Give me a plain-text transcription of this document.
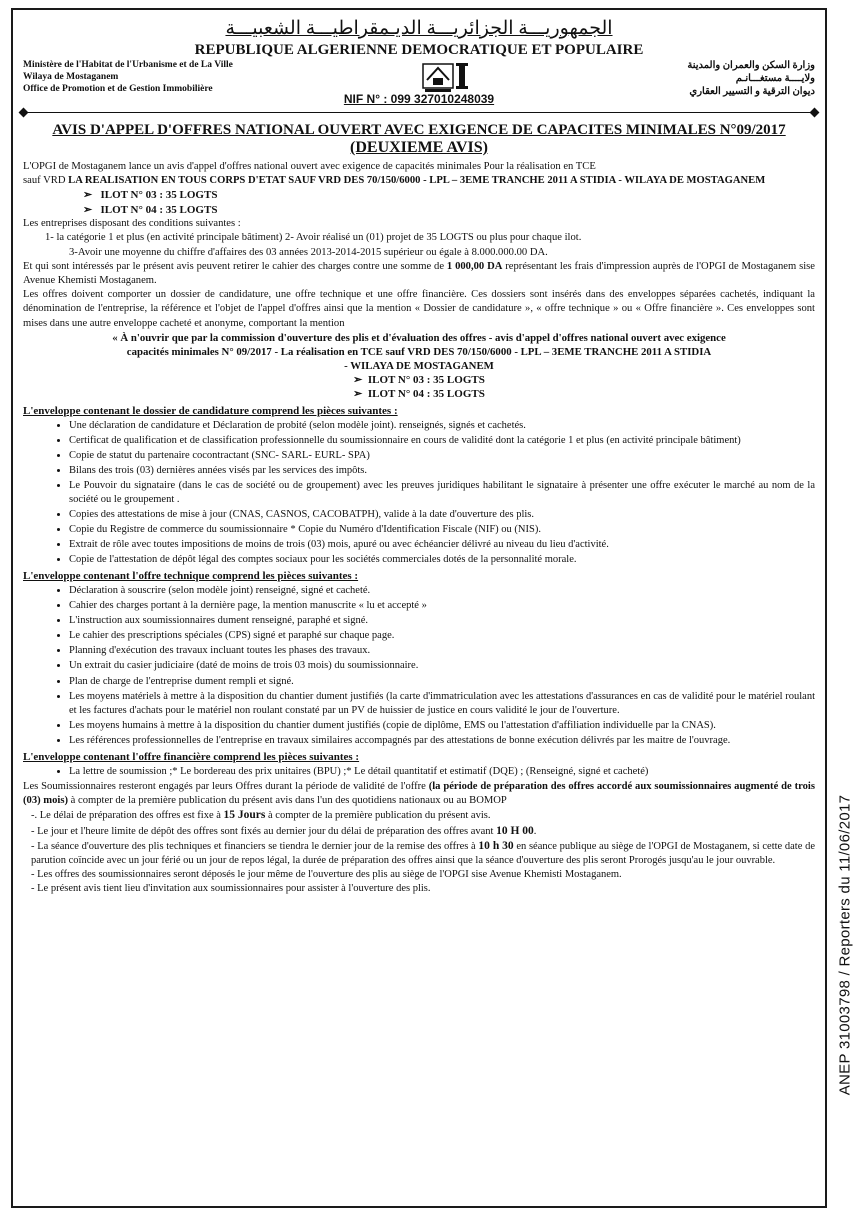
الجمهوريـــة الجزائريـــة الديـمقراطيـــة الشعبيـــة
REPUBLIQUE ALGERIENNE DEMOCRATIQUE ET POPULAIRE
Ministère de l'Habitat de l'Urbanisme et de La Ville
Wilaya de Mostaganem
Office de Promotion et de Gestion Immobilière
وزارة السكن والعمران والمدينة
ولايــــة مستغـــانـم
ديوان الترقية و التسيير العقاري
NIF N° : 099 327010248039
AVIS D'APPEL D'OFFRES NATIONAL OUVERT AVEC EXIGENCE DE CAPACITES MINIMALES N°09/2017
(DEUXIEME AVIS)

L'OPGI de Mostaganem lance un avis d'appel d'offres national ouvert avec exigence de capacités minimales Pour la réalisation en TCE

sauf VRD LA REALISATION EN TOUS CORPS D'ETAT SAUF VRD DES 70/150/6000 - LPL – 3EME TRANCHE 2011 A STIDIA - WILAYA DE MOSTAGANEM

➢   ILOT N° 03 : 35 LOGTS
➢   ILOT N° 04 : 35 LOGTS

Les entreprises disposant des conditions suivantes :

1- la catégorie 1 et plus (en activité principale bâtiment) 2- Avoir réalisé un (01) projet de 35 LOGTS ou plus pour chaque ilot.
3-Avoir une moyenne du chiffre d'affaires des 03 années 2013-2014-2015 supérieur ou égale à 8.000.000.00 DA.

Et qui sont intéressés par le présent avis peuvent retirer le cahier des charges contre une somme de 1 000,00 DA représentant les frais d'impression auprès de l'OPGI de Mostaganem sise Avenue Khemisti Mostaganem.

Les offres doivent comporter un dossier de candidature, une offre technique et une offre financière. Ces dossiers sont insérés dans des enveloppes séparées cachetés, indiquant la dénomination de l'entreprise, la référence et l'objet de l'appel d'offres ainsi que la mention « Dossier de candidature », « offre technique » ou « Offre financière ». Ces enveloppes sont mises dans une autre enveloppe cacheté et anonyme, comportant la mention

« À n'ouvrir que par la commission d'ouverture des plis et d'évaluation des offres - avis d'appel d'offres national ouvert avec exigence
capacités minimales N° 09/2017 - La réalisation en TCE sauf VRD DES 70/150/6000 - LPL – 3EME TRANCHE 2011 A STIDIA
- WILAYA DE MOSTAGANEM
➢  ILOT N° 03 : 35 LOGTS
➢  ILOT N° 04 : 35 LOGTS
L'enveloppe contenant le dossier de candidature comprend les pièces suivantes :
• Une déclaration de candidature et Déclaration de probité (selon modèle joint). renseignés, signés et cachetés.
• Certificat de qualification et de classification professionnelle du soumissionnaire en cours de validité dont la catégorie 1 et plus (en activité principale bâtiment)
• Copie de statut du partenaire cocontractant (SNC- SARL- EURL- SPA)
• Bilans des trois (03) dernières années visés par les services des impôts.
• Le Pouvoir du signataire (dans le cas de société ou de groupement) avec les preuves juridiques habilitant le signataire à présenter une offre exécuter le marché au nom de la société ou le groupement .
• Copies des attestations de mise à jour (CNAS, CASNOS, CACOBATPH), valide à la date d'ouverture des plis.
• Copie du Registre de commerce du soumissionnaire * Copie du Numéro d'Identification Fiscale (NIF) ou (NIS).
• Extrait de rôle avec toutes impositions de moins de trois (03) mois, apuré ou avec échéancier délivré au niveau du lieu d'activité.
• Copie de l'attestation de dépôt légal des comptes sociaux pour les sociétés commerciales dotés de la personnalité morale.
L'enveloppe contenant l'offre technique comprend les pièces suivantes :
• Déclaration à souscrire (selon modèle joint) renseigné, signé et cacheté.
• Cahier des charges portant à la dernière page, la mention manuscrite « lu et accepté »
• L'instruction aux soumissionnaires dument renseigné, paraphé et signé.
• Le cahier des prescriptions spéciales (CPS) signé et paraphé sur chaque page.
• Planning d'exécution des travaux incluant toutes les phases des travaux.
• Un extrait du casier judiciaire (daté de moins de trois 03 mois) du soumissionnaire.
• Plan de charge de l'entreprise dument rempli et signé.
• Les moyens matériels à mettre à la disposition du chantier dument justifiés (la carte d'immatriculation avec les attestations d'assurances en cas de validité pour le matériel roulant et les factures d'achats pour le matériel non roulant constaté par un PV de huissier de justice en cours validité le jour de l'ouverture.
• Les moyens humains à mettre à la disposition du chantier dument justifiés (copie de diplôme, EMS ou l'attestation d'affiliation individuelle par la CNAS).
• Les références professionnelles de l'entreprise en travaux similaires accompagnés par des attestations de bonne exécution délivrés par les maitre de l'ouvrage.
L'enveloppe contenant l'offre financière comprend les pièces suivantes :
• La lettre de soumission ;* Le bordereau des prix unitaires (BPU) ;* Le détail quantitatif et estimatif (DQE) ; (Renseigné, signé et cacheté)

Les Soumissionnaires resteront engagés par leurs Offres durant la période de validité de l'offre (la période de préparation des offres accordé aux soumissionnaires augmenté de trois (03) mois) à compter de la première publication du présent avis dans l'un des quotidiens nationaux ou au BOMOP

-. Le délai de préparation des offres est fixe à 15 Jours à compter de la première publication du présent avis.
- Le jour et l'heure limite de dépôt des offres sont fixés au dernier jour du délai de préparation des offres avant 10 H 00.
- La séance d'ouverture des plis techniques et financiers se tiendra le dernier jour de la remise des offres à 10 h 30 en séance publique au siège de l'OPGI de Mostaganem, si cette date de parution coïncide avec un jour férié ou un jour de repos légal, la durée de préparation des offres ainsi que la séance d'ouverture des plis seront Prorogés jusqu'au le jour ouvrable.
- Les offres des soumissionnaires seront déposés le jour même de l'ouverture des plis au siège de l'OPGI sise Avenue Khemisti Mostaganem.
- Le présent avis tient lieu d'invitation aux soumissionnaires pour assister à l'ouverture des plis.	ANEP 31003798 / Reporters du 11/06/2017
